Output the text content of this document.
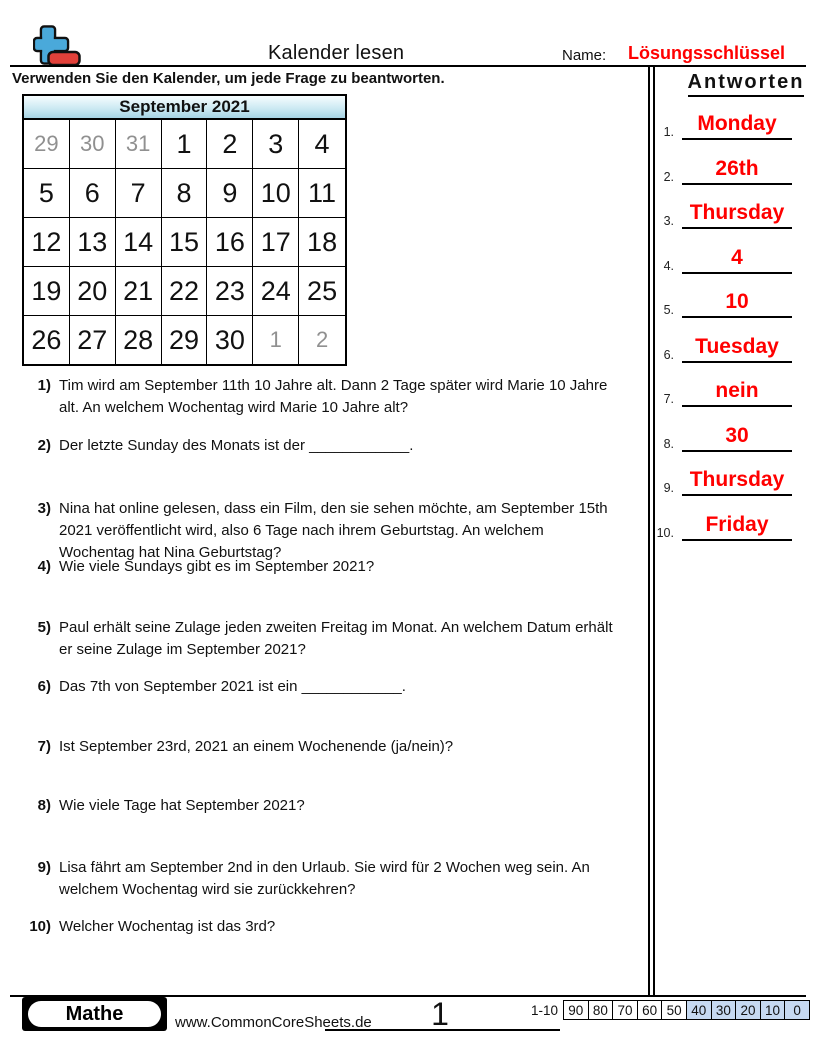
Kalender lesen	Name: Lösungsschlüssel
Verwenden Sie den Kalender, um jede Frage zu beantworten.
September 2021
29 30 31 1	2	3	4
5	6	7	8	9 10 11
12 13 14 15 16 17 18
19 20 21 22 23 24 25
26 27 28 29 30	1	2
1) Tim wird am September 11th 10 Jahre alt. Dann 2 Tage später wird Marie 10 Jahre
alt. An welchem Wochentag wird Marie 10 Jahre alt?
2) Der letzte Sunday des Monats ist der ____________.
3) Nina hat online gelesen, dass ein Film, den sie sehen möchte, am September 15th
2021 veröffentlicht wird, also 6 Tage nach ihrem Geburtstag. An welchem
Wochentag hat Nina Geburtstag?
4) Wie viele Sundays gibt es im September 2021?
5) Paul erhält seine Zulage jeden zweiten Freitag im Monat. An welchem Datum erhält
er seine Zulage im September 2021?
6) Das 7th von September 2021 ist ein ____________.
7) Ist September 23rd, 2021 an einem Wochenende (ja/nein)?
8) Wie viele Tage hat September 2021?
9) Lisa fährt am September 2nd in den Urlaub. Sie wird für 2 Wochen weg sein. An
welchem Wochentag wird sie zurückkehren?
10) Welcher Wochentag ist das 3rd?
Antworten
1.	Monday
2.	26th
3. Thursday
4.	4
5.	10
6.	Tuesday
7.	nein
8.	30
9. Thursday
10.	Friday
Mathe	www.CommonCoreSheets.de	1	1-10 90 80 70 60 50 40 30 20 10 0
